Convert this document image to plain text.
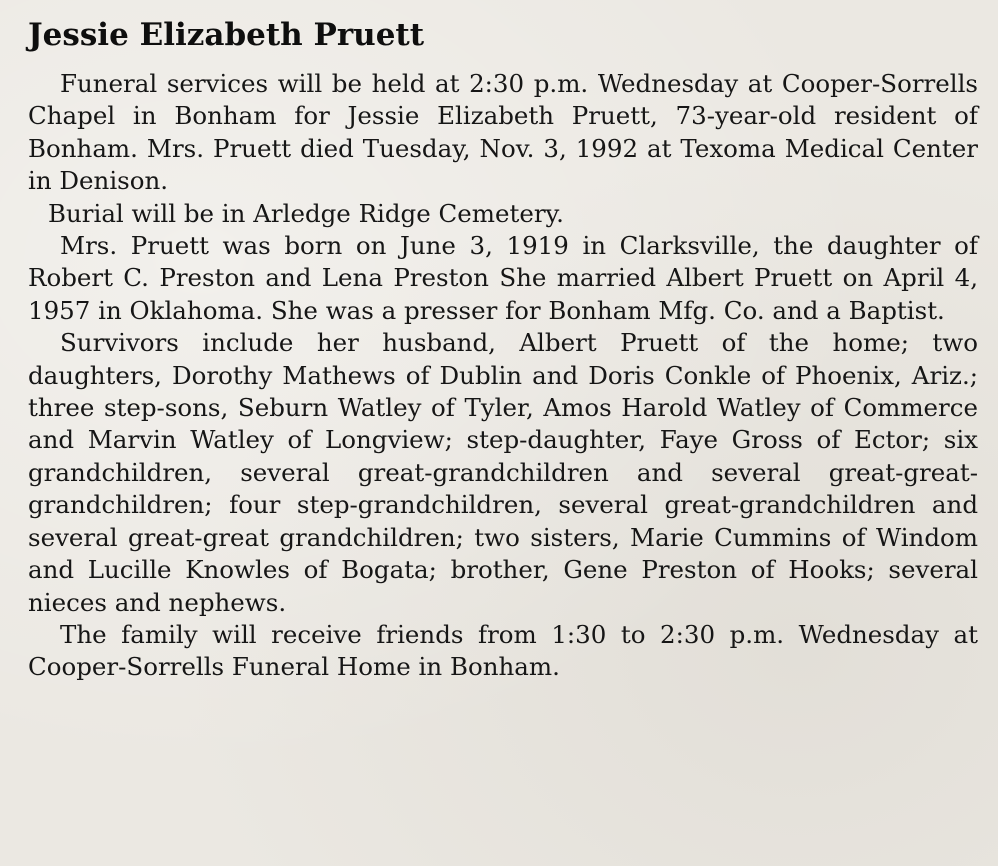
Jessie Elizabeth Pruett

Funeral services will be held at 2:30 p.m. Wednesday at Cooper-Sorrells Chapel in Bonham for Jessie Elizabeth Pruett, 73-year-old resident of Bonham. Mrs. Pruett died Tuesday, Nov. 3, 1992 at Texoma Medical Center in Denison.

Burial will be in Arledge Ridge Cemetery.

Mrs. Pruett was born on June 3, 1919 in Clarksville, the daughter of Robert C. Preston and Lena Preston She married Albert Pruett on April 4, 1957 in Oklahoma. She was a presser for Bonham Mfg. Co. and a Baptist.

Survivors include her husband, Albert Pruett of the home; two daughters, Dorothy Mathews of Dublin and Doris Conkle of Phoenix, Ariz.; three step-sons, Seburn Watley of Tyler, Amos Harold Watley of Commerce and Marvin Watley of Longview; step-daughter, Faye Gross of Ector; six grandchildren, several great-grandchildren and several great-great-grandchildren; four step-grandchildren, several great-grandchildren and several great-great grandchildren; two sisters, Marie Cummins of Windom and Lucille Knowles of Bogata; brother, Gene Preston of Hooks; several nieces and nephews.

The family will receive friends from 1:30 to 2:30 p.m. Wednesday at Cooper-Sorrells Funeral Home in Bonham.
